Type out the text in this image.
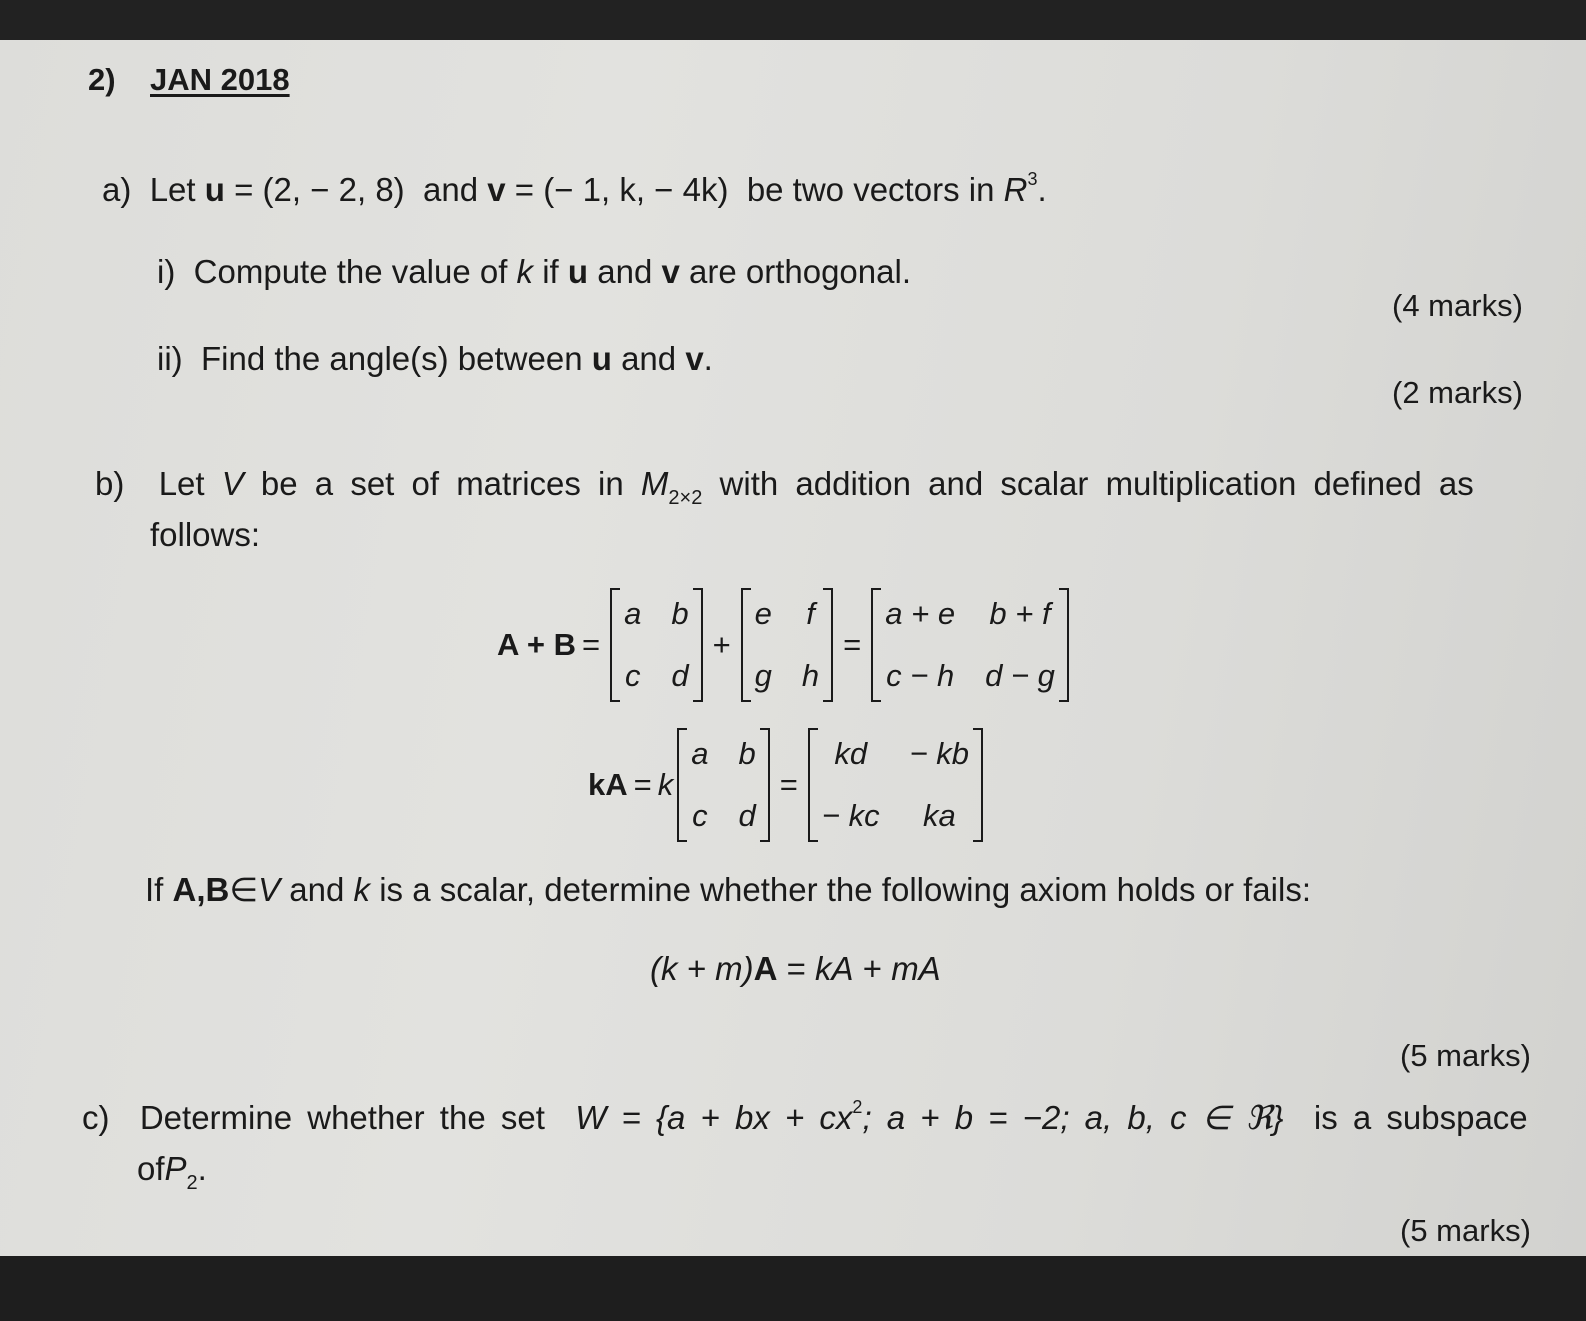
2) JAN 2018
a) Let u = (2, − 2, 8) and v = (− 1, k, − 4k) be two vectors in $R^3$.
i) Compute the value of k if u and v are orthogonal.
(4 marks)
ii) Find the angle(s) between u and v.
(2 marks)
b) Let V be a set of matrices in $M_{2\times 2}$ with addition and scalar multiplication defined as
follows:
A + B =
a b
c d
+
e f
g h
=
a + e b + f
c − h d − g
kA = k
a b
c d
=
kd	− kb
− kc	ka
If A,B∈V and k is a scalar, determine whether the following axiom holds or fails:
(k + m)A = kA + mA
(5 marks)
c) Determine whether the set W = {a + bx + $cx^2$; a + b = −2; a, b, c ∈ ℜ} is a subspace
ofP$_2$.
(5 marks)
